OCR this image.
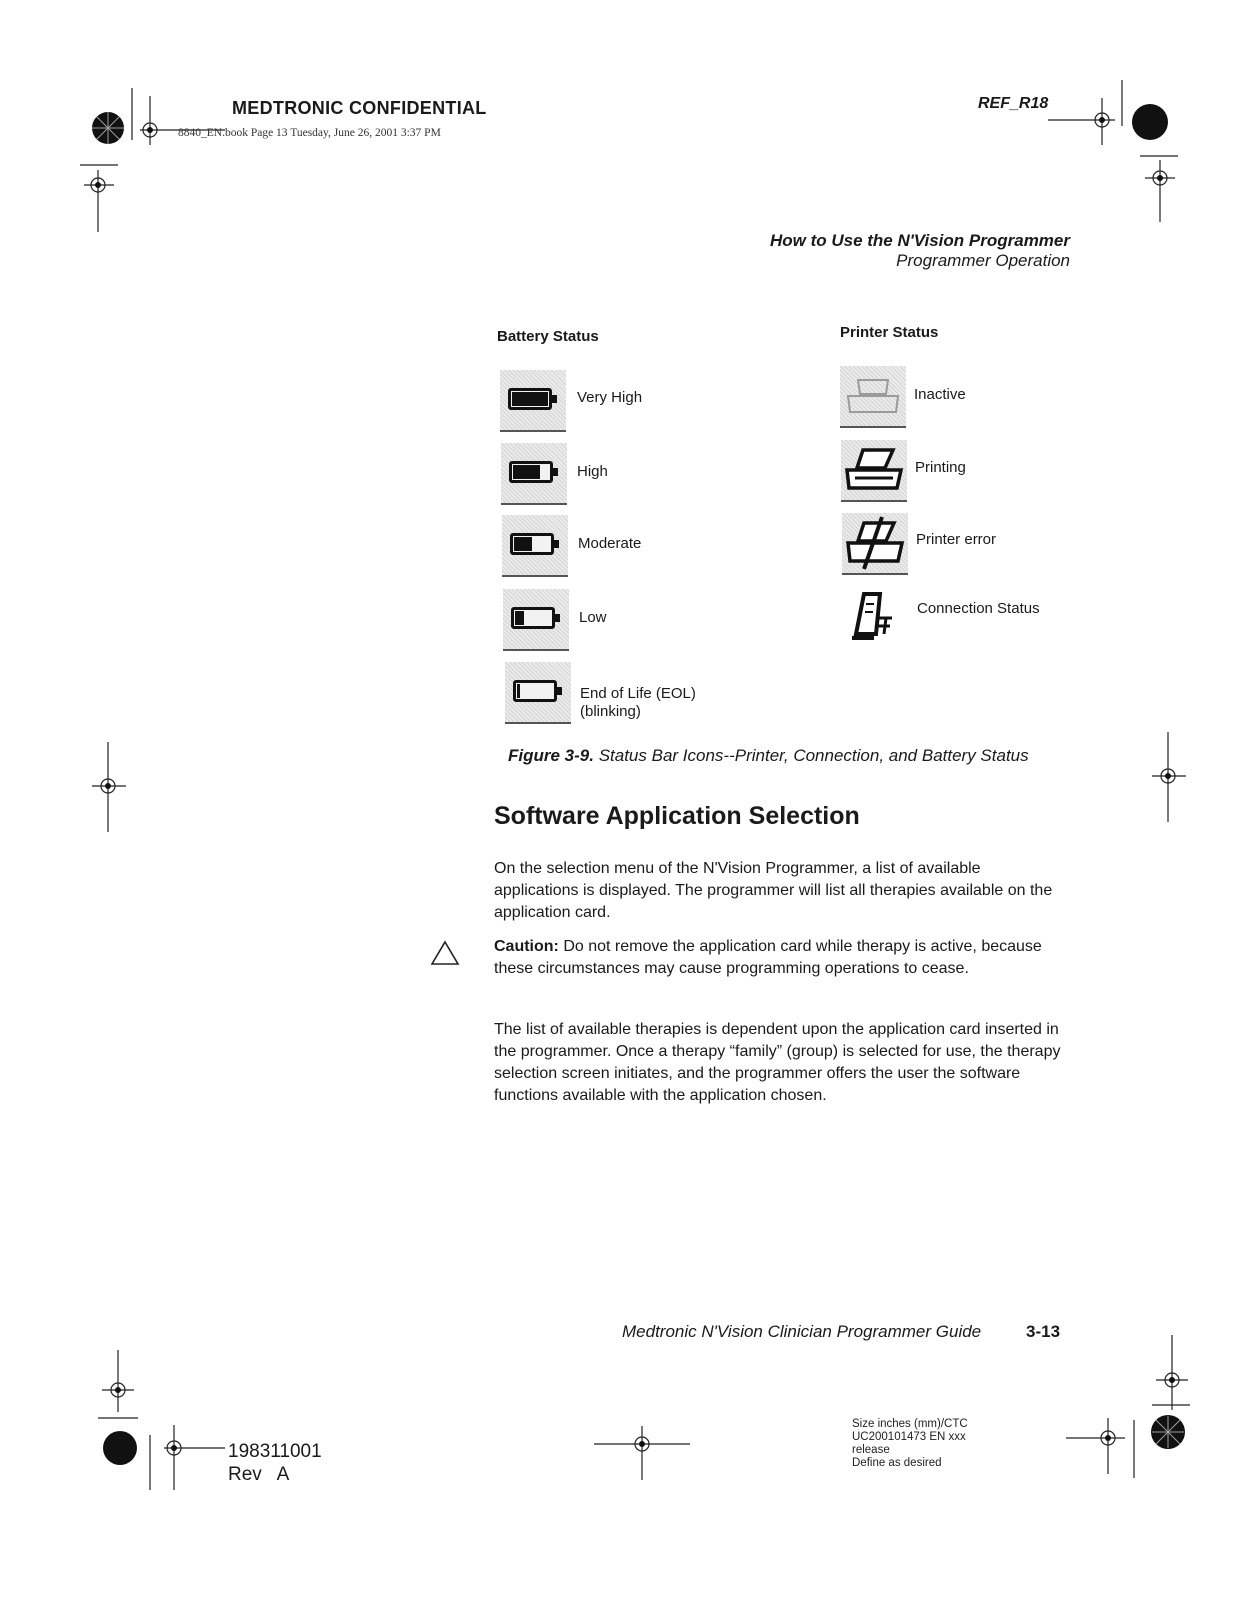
MEDTRONIC CONFIDENTIAL
8840_EN.book Page 13 Tuesday, June 26, 2001 3:37 PM
REF_R18
How to Use the N'Vision Programmer
Programmer Operation
Battery Status
Very High
High
Moderate
Low
End of Life (EOL)
(blinking)
Printer Status
Inactive
Printing
Printer error
Connection Status
Figure 3-9. Status Bar Icons--Printer, Connection, and Battery Status
Software Application Selection
On the selection menu of the N'Vision Programmer, a list of available applications is displayed. The programmer will list all therapies available on the application card.
Caution: Do not remove the application card while therapy is active, because these circumstances may cause programming operations to cease.
The list of available therapies is dependent upon the application card inserted in the programmer. Once a therapy “family” (group) is selected for use, the therapy selection screen initiates, and the programmer offers the user the software functions available with the application chosen.
Medtronic N'Vision Clinician Programmer Guide	3-13
198311001
Rev   A
Size inches (mm)/CTC
UC200101473 EN xxx
release
Define as desired
